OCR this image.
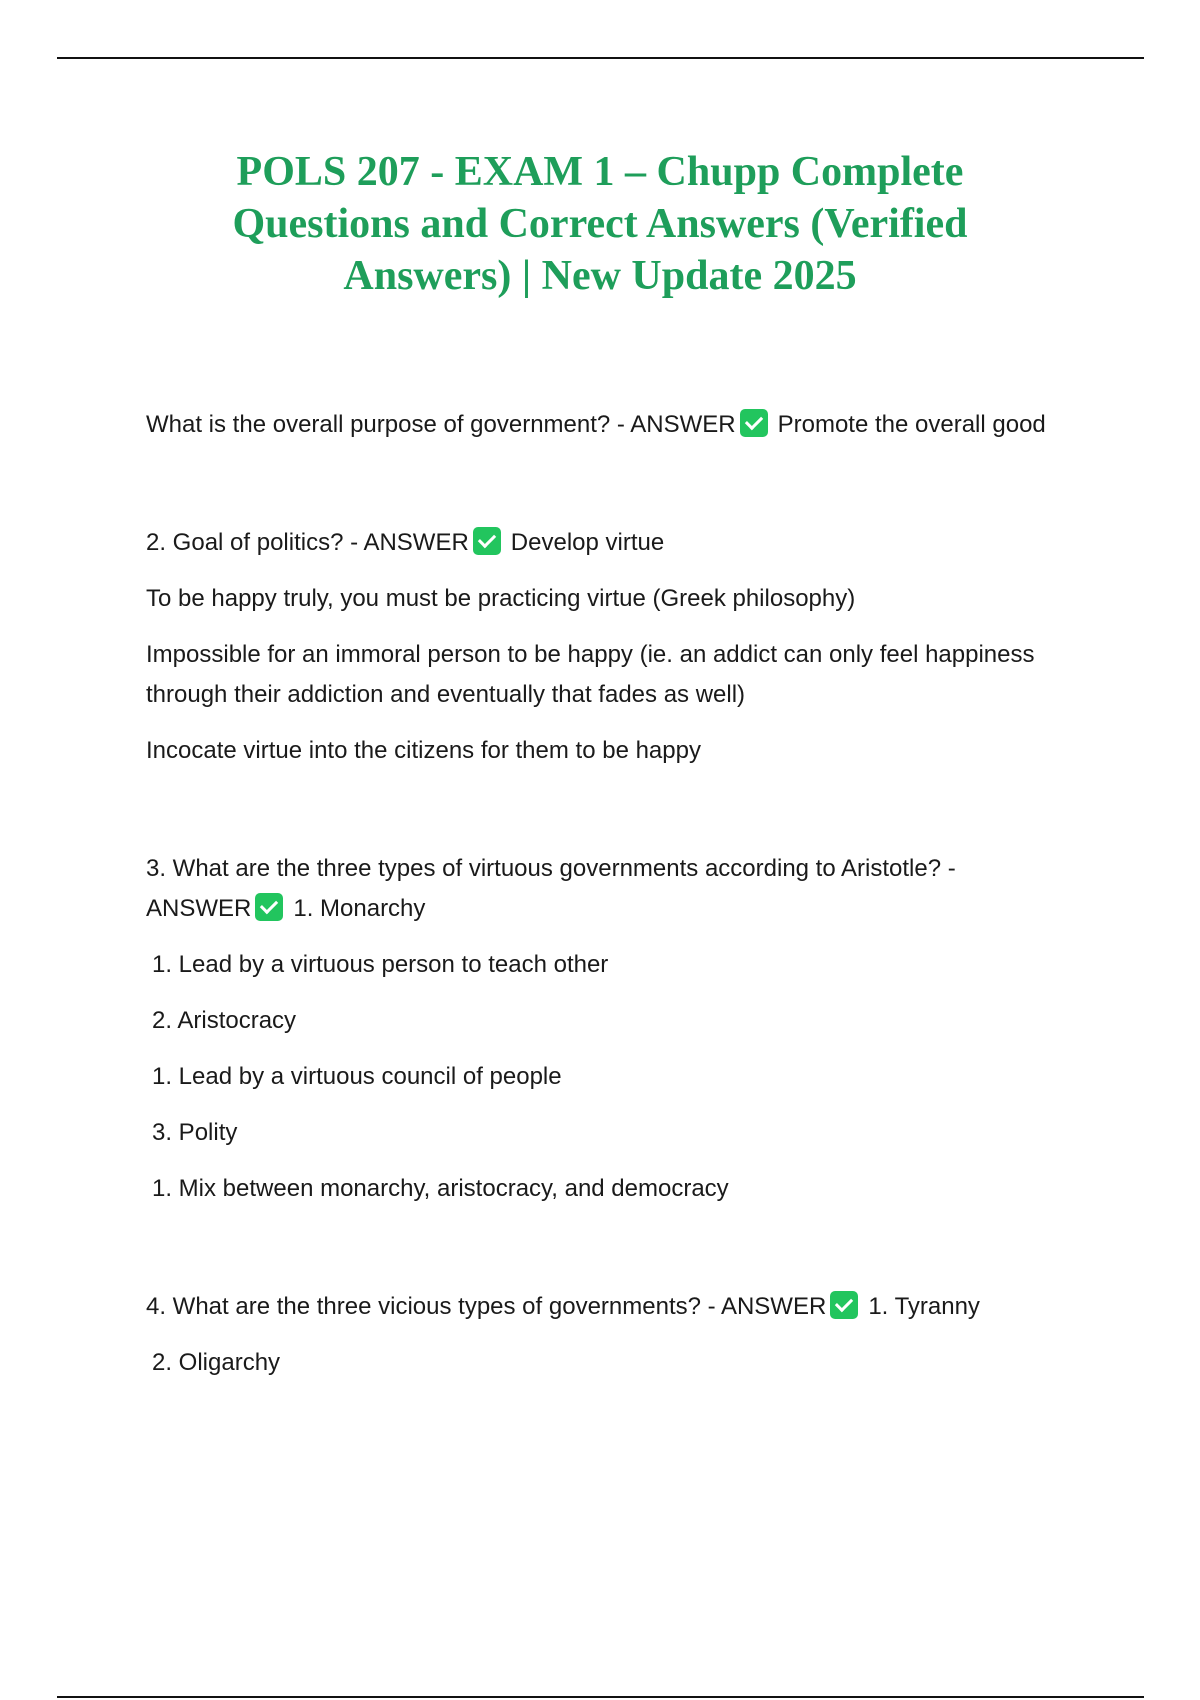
POLS 207 - EXAM 1 – Chupp Complete Questions and Correct Answers (Verified Answers) | New Update 2025

What is the overall purpose of government? - ANSWER Promote the overall good

2. Goal of politics? - ANSWER Develop virtue

To be happy truly, you must be practicing virtue (Greek philosophy)

Impossible for an immoral person to be happy (ie. an addict can only feel happiness through their addiction and eventually that fades as well)

Incocate virtue into the citizens for them to be happy

3. What are the three types of virtuous governments according to Aristotle? - ANSWER 1. Monarchy

1. Lead by a virtuous person to teach other

2. Aristocracy

1. Lead by a virtuous council of people

3. Polity

1. Mix between monarchy, aristocracy, and democracy

4. What are the three vicious types of governments? - ANSWER 1. Tyranny

2. Oligarchy
